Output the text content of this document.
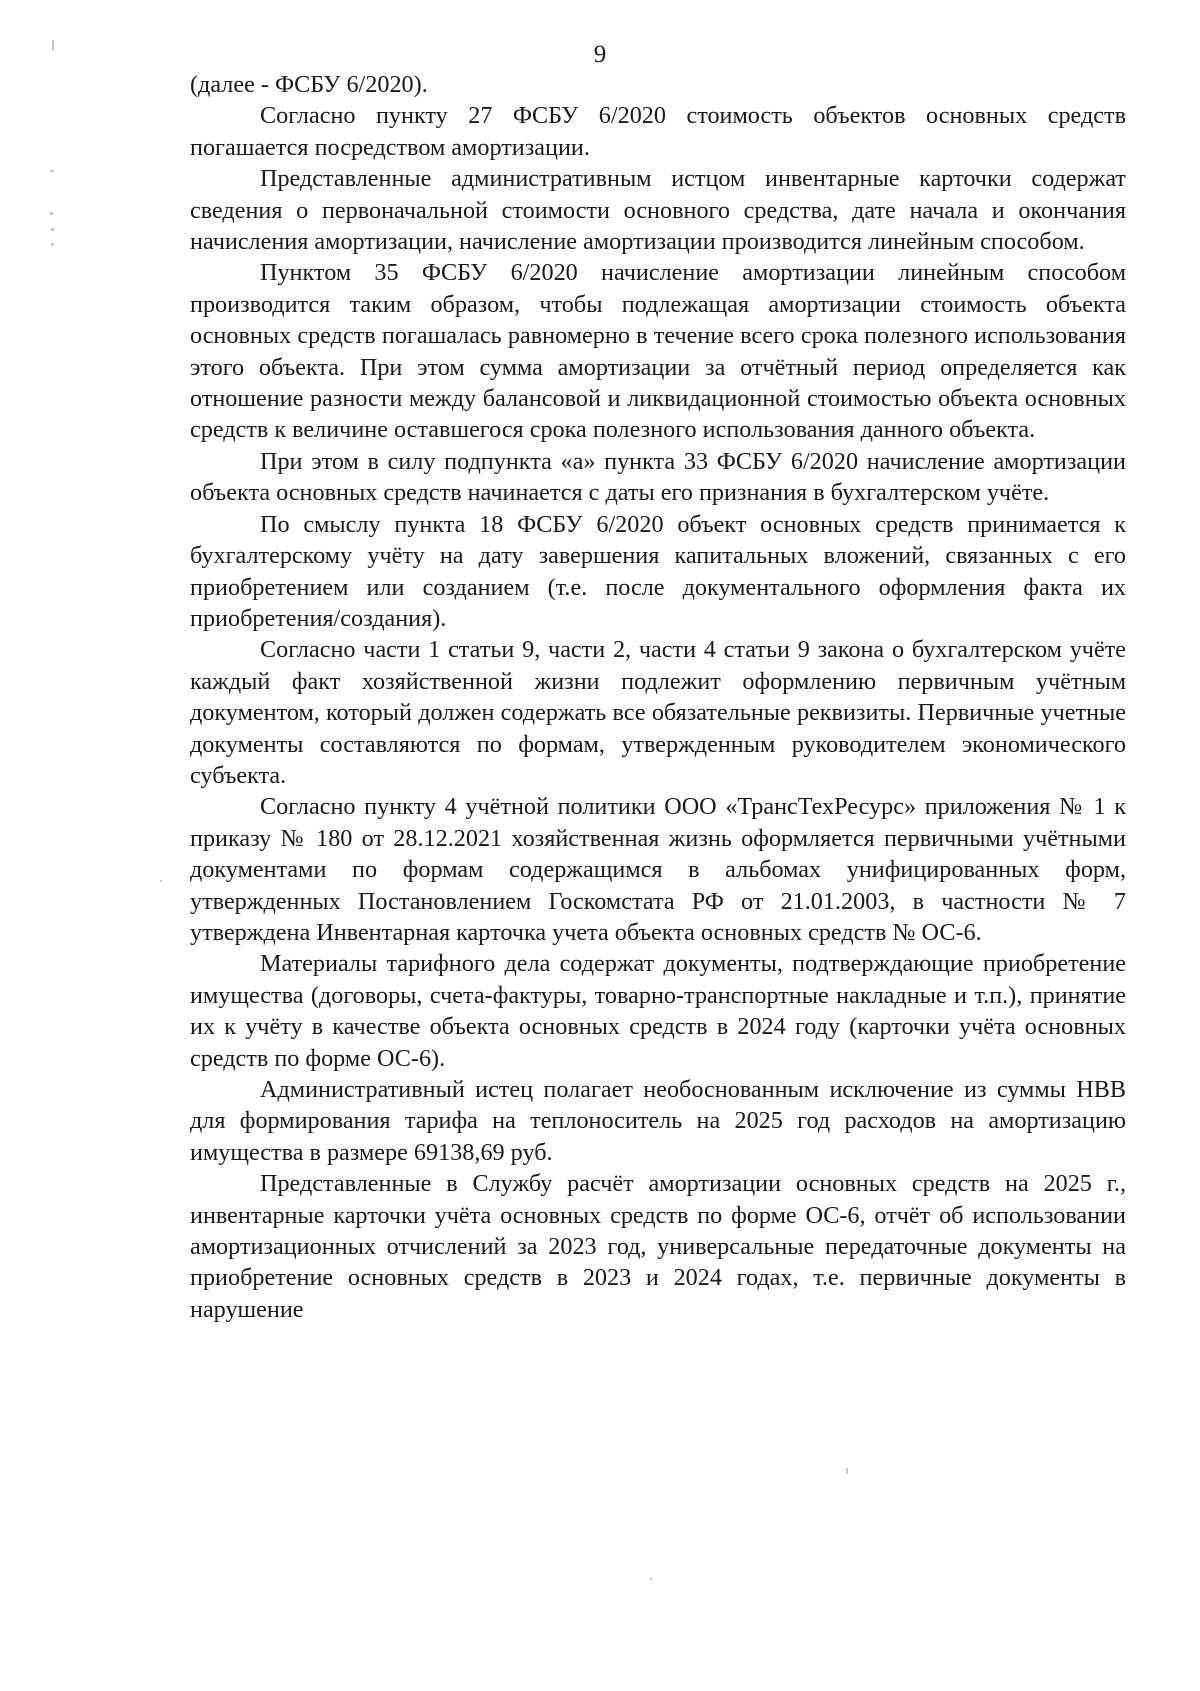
9

(далее - ФСБУ 6/2020).

Согласно пункту 27 ФСБУ 6/2020 стоимость объектов основных средств погашается посредством амортизации.

Представленные административным истцом инвентарные карточки содержат сведения о первоначальной стоимости основного средства, дате начала и окончания начисления амортизации, начисление амортизации производится линейным способом.

Пунктом 35 ФСБУ 6/2020 начисление амортизации линейным способом производится таким образом, чтобы подлежащая амортизации стоимость объекта основных средств погашалась равномерно в течение всего срока полезного использования этого объекта. При этом сумма амортизации за отчётный период определяется как отношение разности между балансовой и ликвидационной стоимостью объекта основных средств к величине оставшегося срока полезного использования данного объекта.

При этом в силу подпункта «а» пункта 33 ФСБУ 6/2020 начисление амортизации объекта основных средств начинается с даты его признания в бухгалтерском учёте.

По смыслу пункта 18 ФСБУ 6/2020 объект основных средств принимается к бухгалтерскому учёту на дату завершения капитальных вложений, связанных с его приобретением или созданием (т.е. после документального оформления факта их приобретения/создания).

Согласно части 1 статьи 9, части 2, части 4 статьи 9 закона о бухгалтерском учёте каждый факт хозяйственной жизни подлежит оформлению первичным учётным документом, который должен содержать все обязательные реквизиты. Первичные учетные документы составляются по формам, утвержденным руководителем экономического субъекта.

Согласно пункту 4 учётной политики ООО «ТрансТехРесурс» приложения № 1 к приказу № 180 от 28.12.2021 хозяйственная жизнь оформляется первичными учётными документами по формам содержащимся в альбомах унифицированных форм, утвержденных Постановлением Госкомстата РФ от 21.01.2003, в частности № 7 утверждена Инвентарная карточка учета объекта основных средств № ОС-6.

Материалы тарифного дела содержат документы, подтверждающие приобретение имущества (договоры, счета-фактуры, товарно-транспортные накладные и т.п.), принятие их к учёту в качестве объекта основных средств в 2024 году (карточки учёта основных средств по форме ОС-6).

Административный истец полагает необоснованным исключение из суммы НВВ для формирования тарифа на теплоноситель на 2025 год расходов на амортизацию имущества в размере 69138,69 руб.

Представленные в Службу расчёт амортизации основных средств на 2025 г., инвентарные карточки учёта основных средств по форме ОС-6, отчёт об использовании амортизационных отчислений за 2023 год, универсальные передаточные документы на приобретение основных средств в 2023 и 2024 годах, т.е. первичные документы в нарушение
